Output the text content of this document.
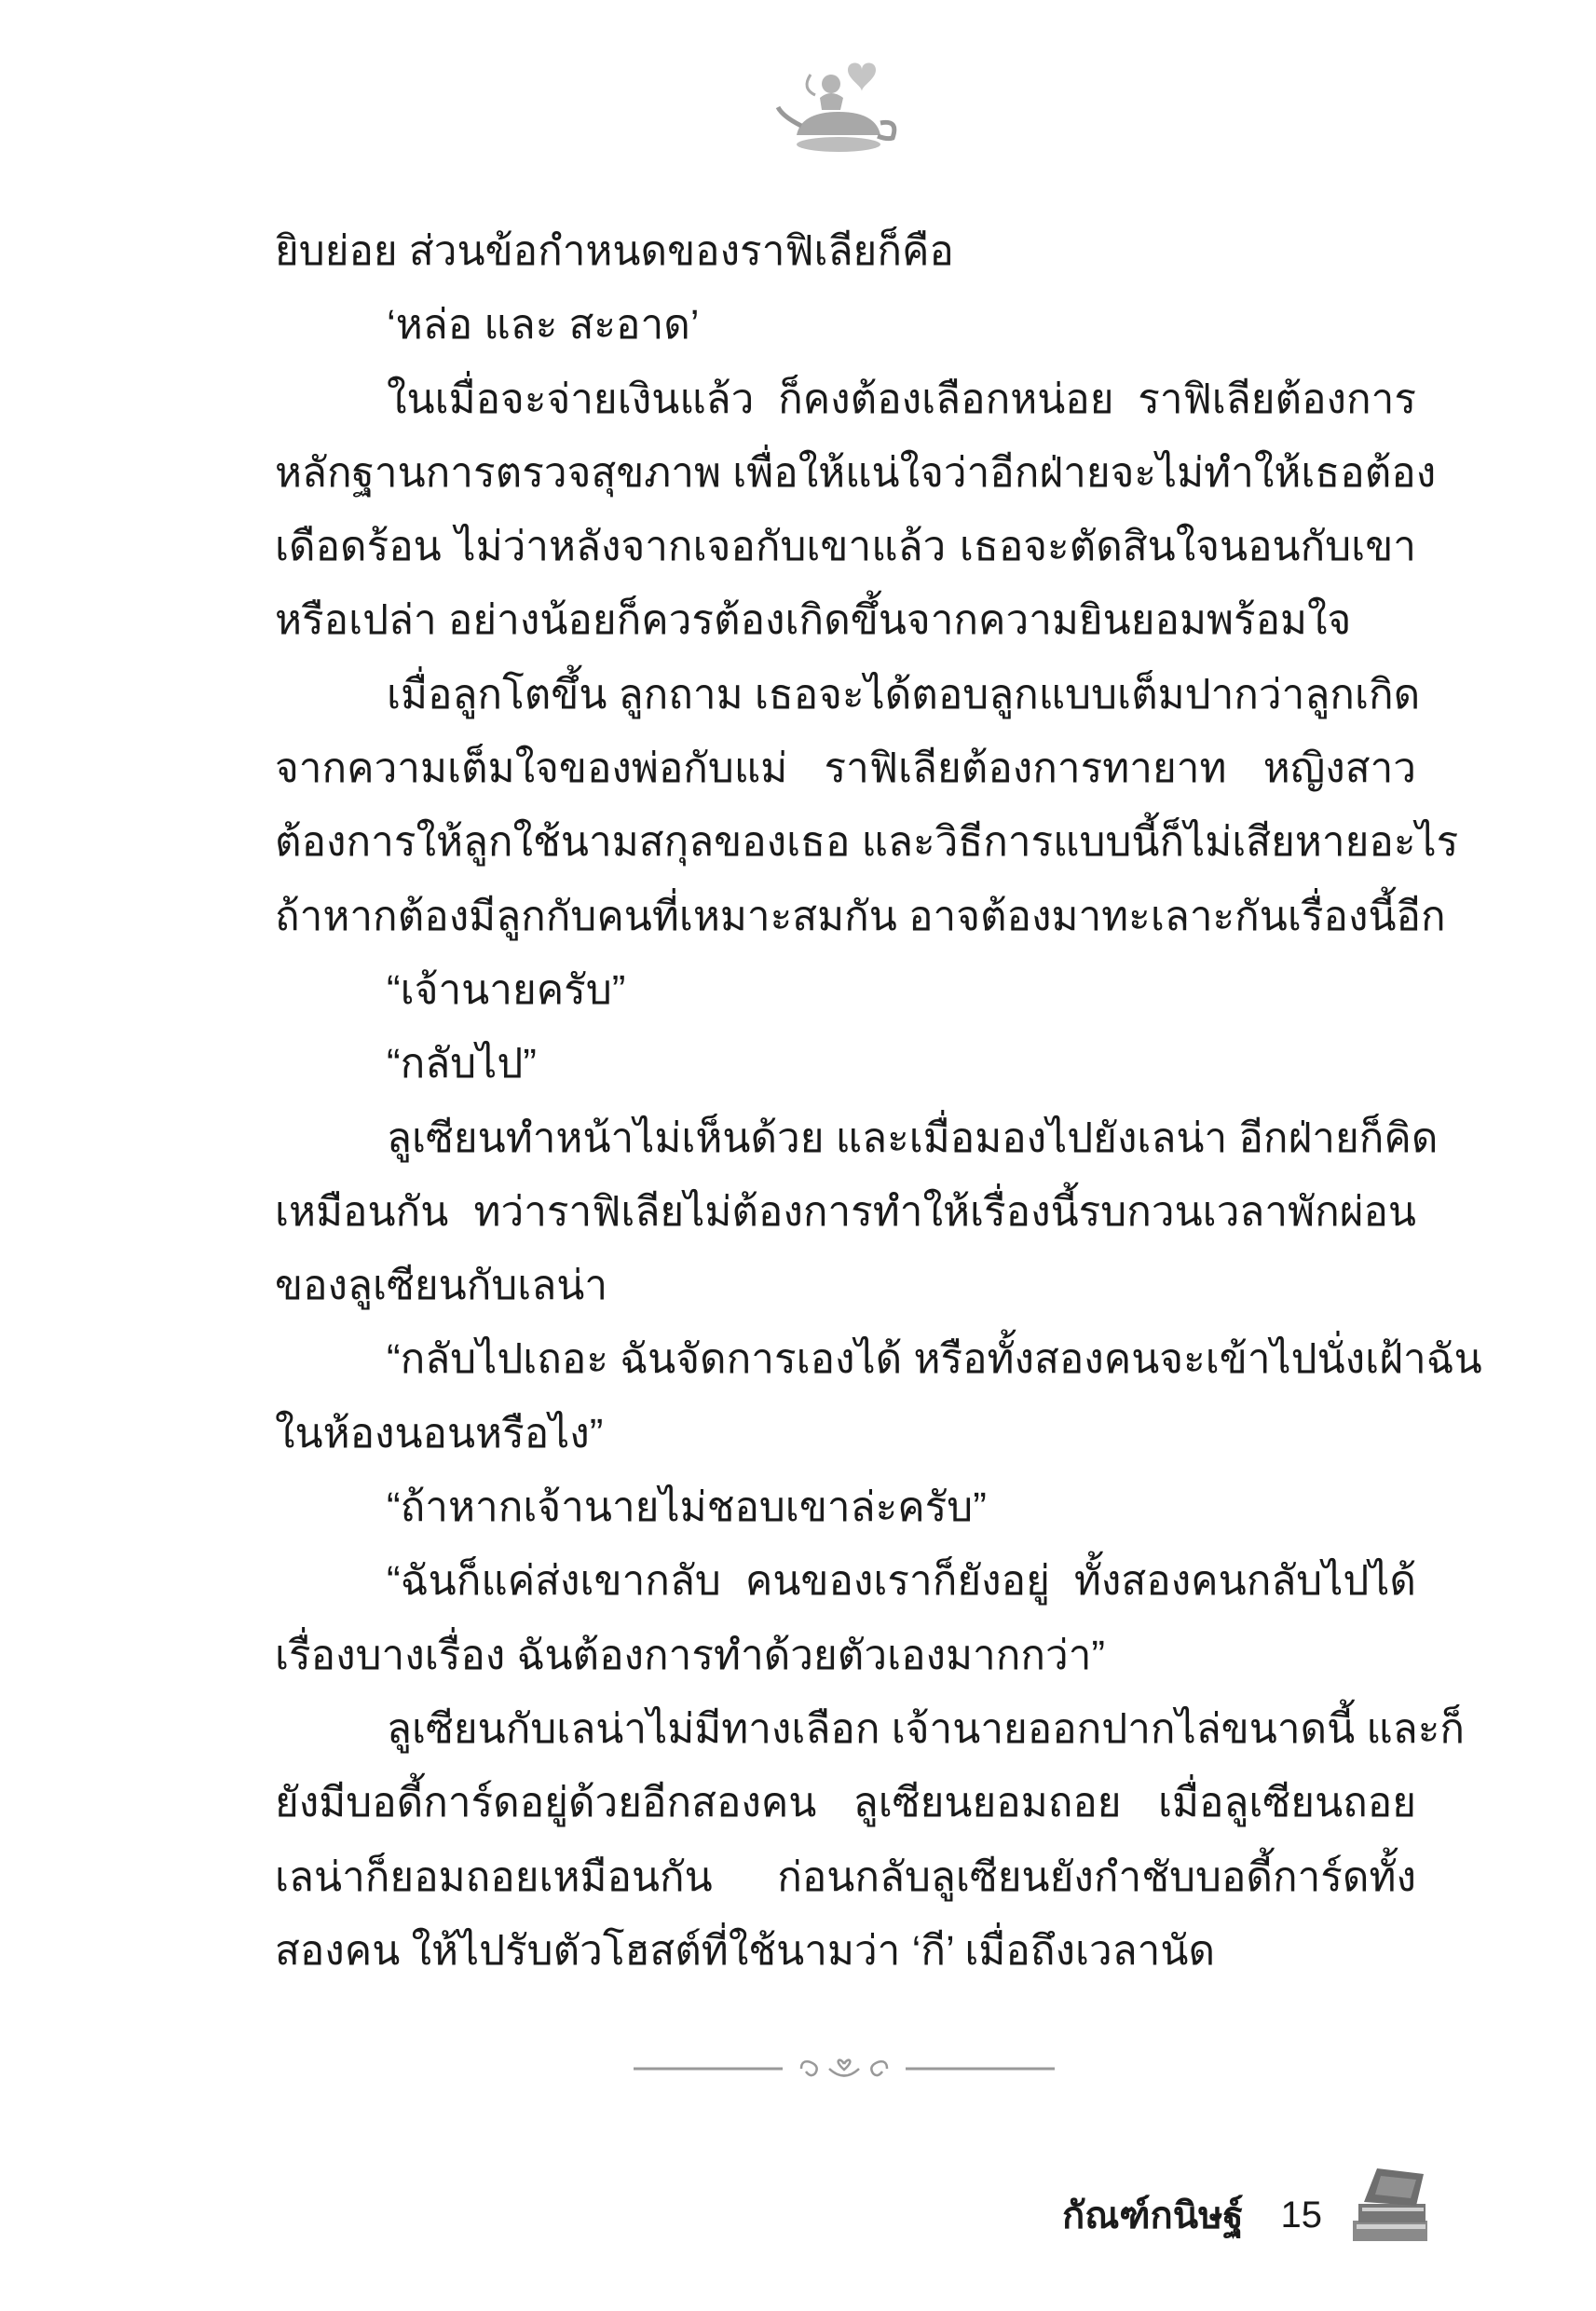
ยิบย่อย ส่วนข้อกำหนดของราฟิเลียก็คือ
‘หล่อ และ สะอาด’
ในเมื่อจะจ่ายเงินแล้ว ก็คงต้องเลือกหน่อย ราฟิเลียต้องการ
หลักฐานการตรวจสุขภาพ เพื่อให้แน่ใจว่าอีกฝ่ายจะไม่ทำให้เธอต้อง
เดือดร้อน ไม่ว่าหลังจากเจอกับเขาแล้ว เธอจะตัดสินใจนอนกับเขา
หรือเปล่า อย่างน้อยก็ควรต้องเกิดขึ้นจากความยินยอมพร้อมใจ
เมื่อลูกโตขึ้น ลูกถาม เธอจะได้ตอบลูกแบบเต็มปากว่าลูกเกิด
จากความเต็มใจของพ่อกับแม่ ราฟิเลียต้องการทายาท หญิงสาว
ต้องการให้ลูกใช้นามสกุลของเธอ และวิธีการแบบนี้ก็ไม่เสียหายอะไร
ถ้าหากต้องมีลูกกับคนที่เหมาะสมกัน อาจต้องมาทะเลาะกันเรื่องนี้อีก
“เจ้านายครับ”
“กลับไป”
ลูเซียนทำหน้าไม่เห็นด้วย และเมื่อมองไปยังเลน่า อีกฝ่ายก็คิด
เหมือนกัน ทว่าราฟิเลียไม่ต้องการทำให้เรื่องนี้รบกวนเวลาพักผ่อน
ของลูเซียนกับเลน่า
“กลับไปเถอะ ฉันจัดการเองได้ หรือทั้งสองคนจะเข้าไปนั่งเฝ้าฉัน
ในห้องนอนหรือไง”
“ถ้าหากเจ้านายไม่ชอบเขาล่ะครับ”
“ฉันก็แค่ส่งเขากลับ คนของเราก็ยังอยู่ ทั้งสองคนกลับไปได้
เรื่องบางเรื่อง ฉันต้องการทำด้วยตัวเองมากกว่า”
ลูเซียนกับเลน่าไม่มีทางเลือก เจ้านายออกปากไล่ขนาดนี้ และก็
ยังมีบอดี้การ์ดอยู่ด้วยอีกสองคน ลูเซียนยอมถอย เมื่อลูเซียนถอย
เลน่าก็ยอมถอยเหมือนกัน ก่อนกลับลูเซียนยังกำชับบอดี้การ์ดทั้ง
สองคน ให้ไปรับตัวโฮสต์ที่ใช้นามว่า ‘กี’ เมื่อถึงเวลานัด
กัณฑ์กนิษฐ์ 15
